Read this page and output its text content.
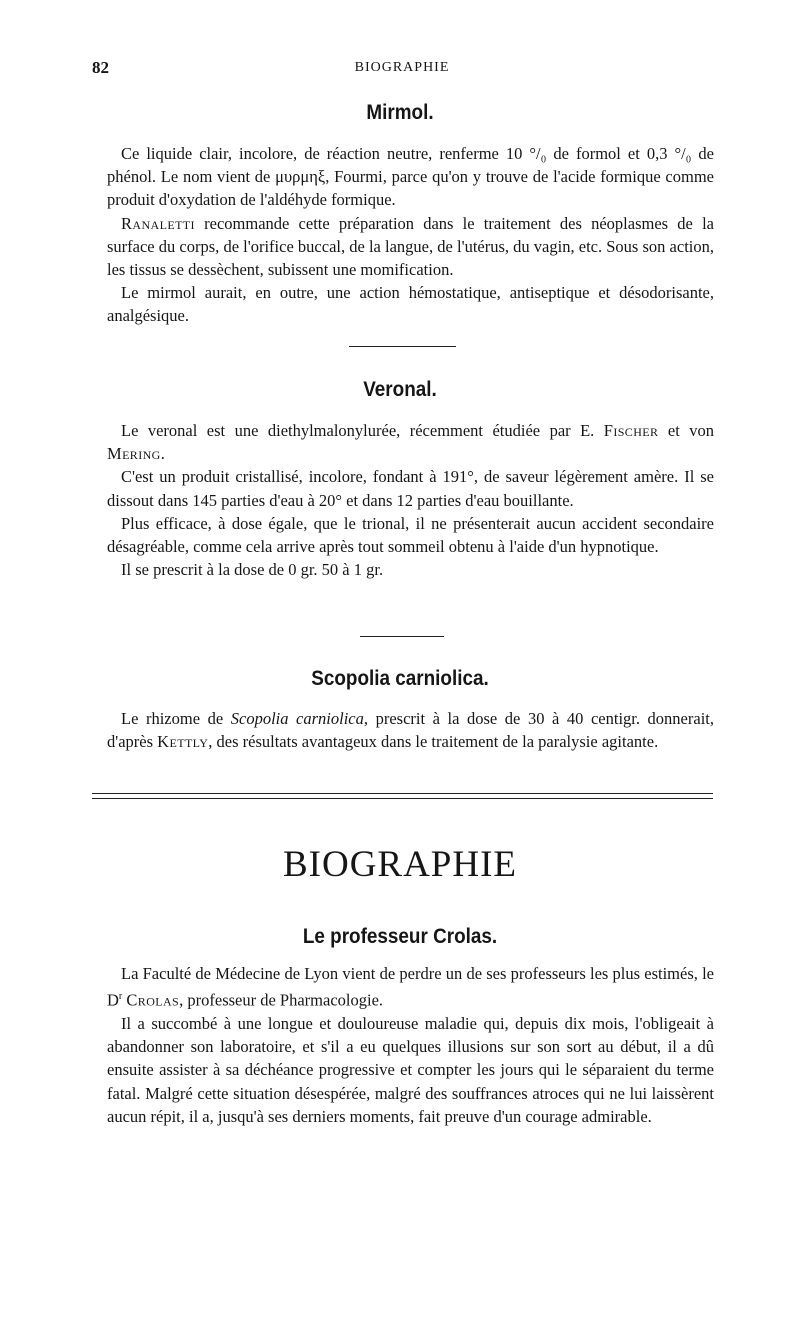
82	BIOGRAPHIE
Mirmol.

Ce liquide clair, incolore, de réaction neutre, renferme 10 °/₀ de formol et 0,3 °/₀ de phénol. Le nom vient de μυρμηξ, Fourmi, parce qu'on y trouve de l'acide formique comme produit d'oxydation de l'aldéhyde formique.

Ranaletti recommande cette préparation dans le traitement des néoplasmes de la surface du corps, de l'orifice buccal, de la langue, de l'utérus, du vagin, etc. Sous son action, les tissus se dessèchent, subissent une momification.

Le mirmol aurait, en outre, une action hémostatique, antiseptique et désodorisante, analgésique.

Veronal.

Le veronal est une diethylmalonylurée, récemment étudiée par E. Fischer et von Mering.

C'est un produit cristallisé, incolore, fondant à 191°, de saveur légèrement amère. Il se dissout dans 145 parties d'eau à 20° et dans 12 parties d'eau bouillante.

Plus efficace, à dose égale, que le trional, il ne présenterait aucun accident secondaire désagréable, comme cela arrive après tout sommeil obtenu à l'aide d'un hypnotique.

Il se prescrit à la dose de 0 gr. 50 à 1 gr.

Scopolia carniolica.

Le rhizome de Scopolia carniolica, prescrit à la dose de 30 à 40 centigr. donnerait, d'après Kettly, des résultats avantageux dans le traitement de la paralysie agitante.

BIOGRAPHIE
Le professeur Crolas.

La Faculté de Médecine de Lyon vient de perdre un de ses professeurs les plus estimés, le $D^r$ Crolas, professeur de Pharmacologie.

Il a succombé à une longue et douloureuse maladie qui, depuis dix mois, l'obligeait à abandonner son laboratoire, et s'il a eu quelques illusions sur son sort au début, il a dû ensuite assister à sa déchéance progressive et compter les jours qui le séparaient du terme fatal. Malgré cette situation désespérée, malgré des souffrances atroces qui ne lui laissèrent aucun répit, il a, jusqu'à ses derniers moments, fait preuve d'un courage admirable.
